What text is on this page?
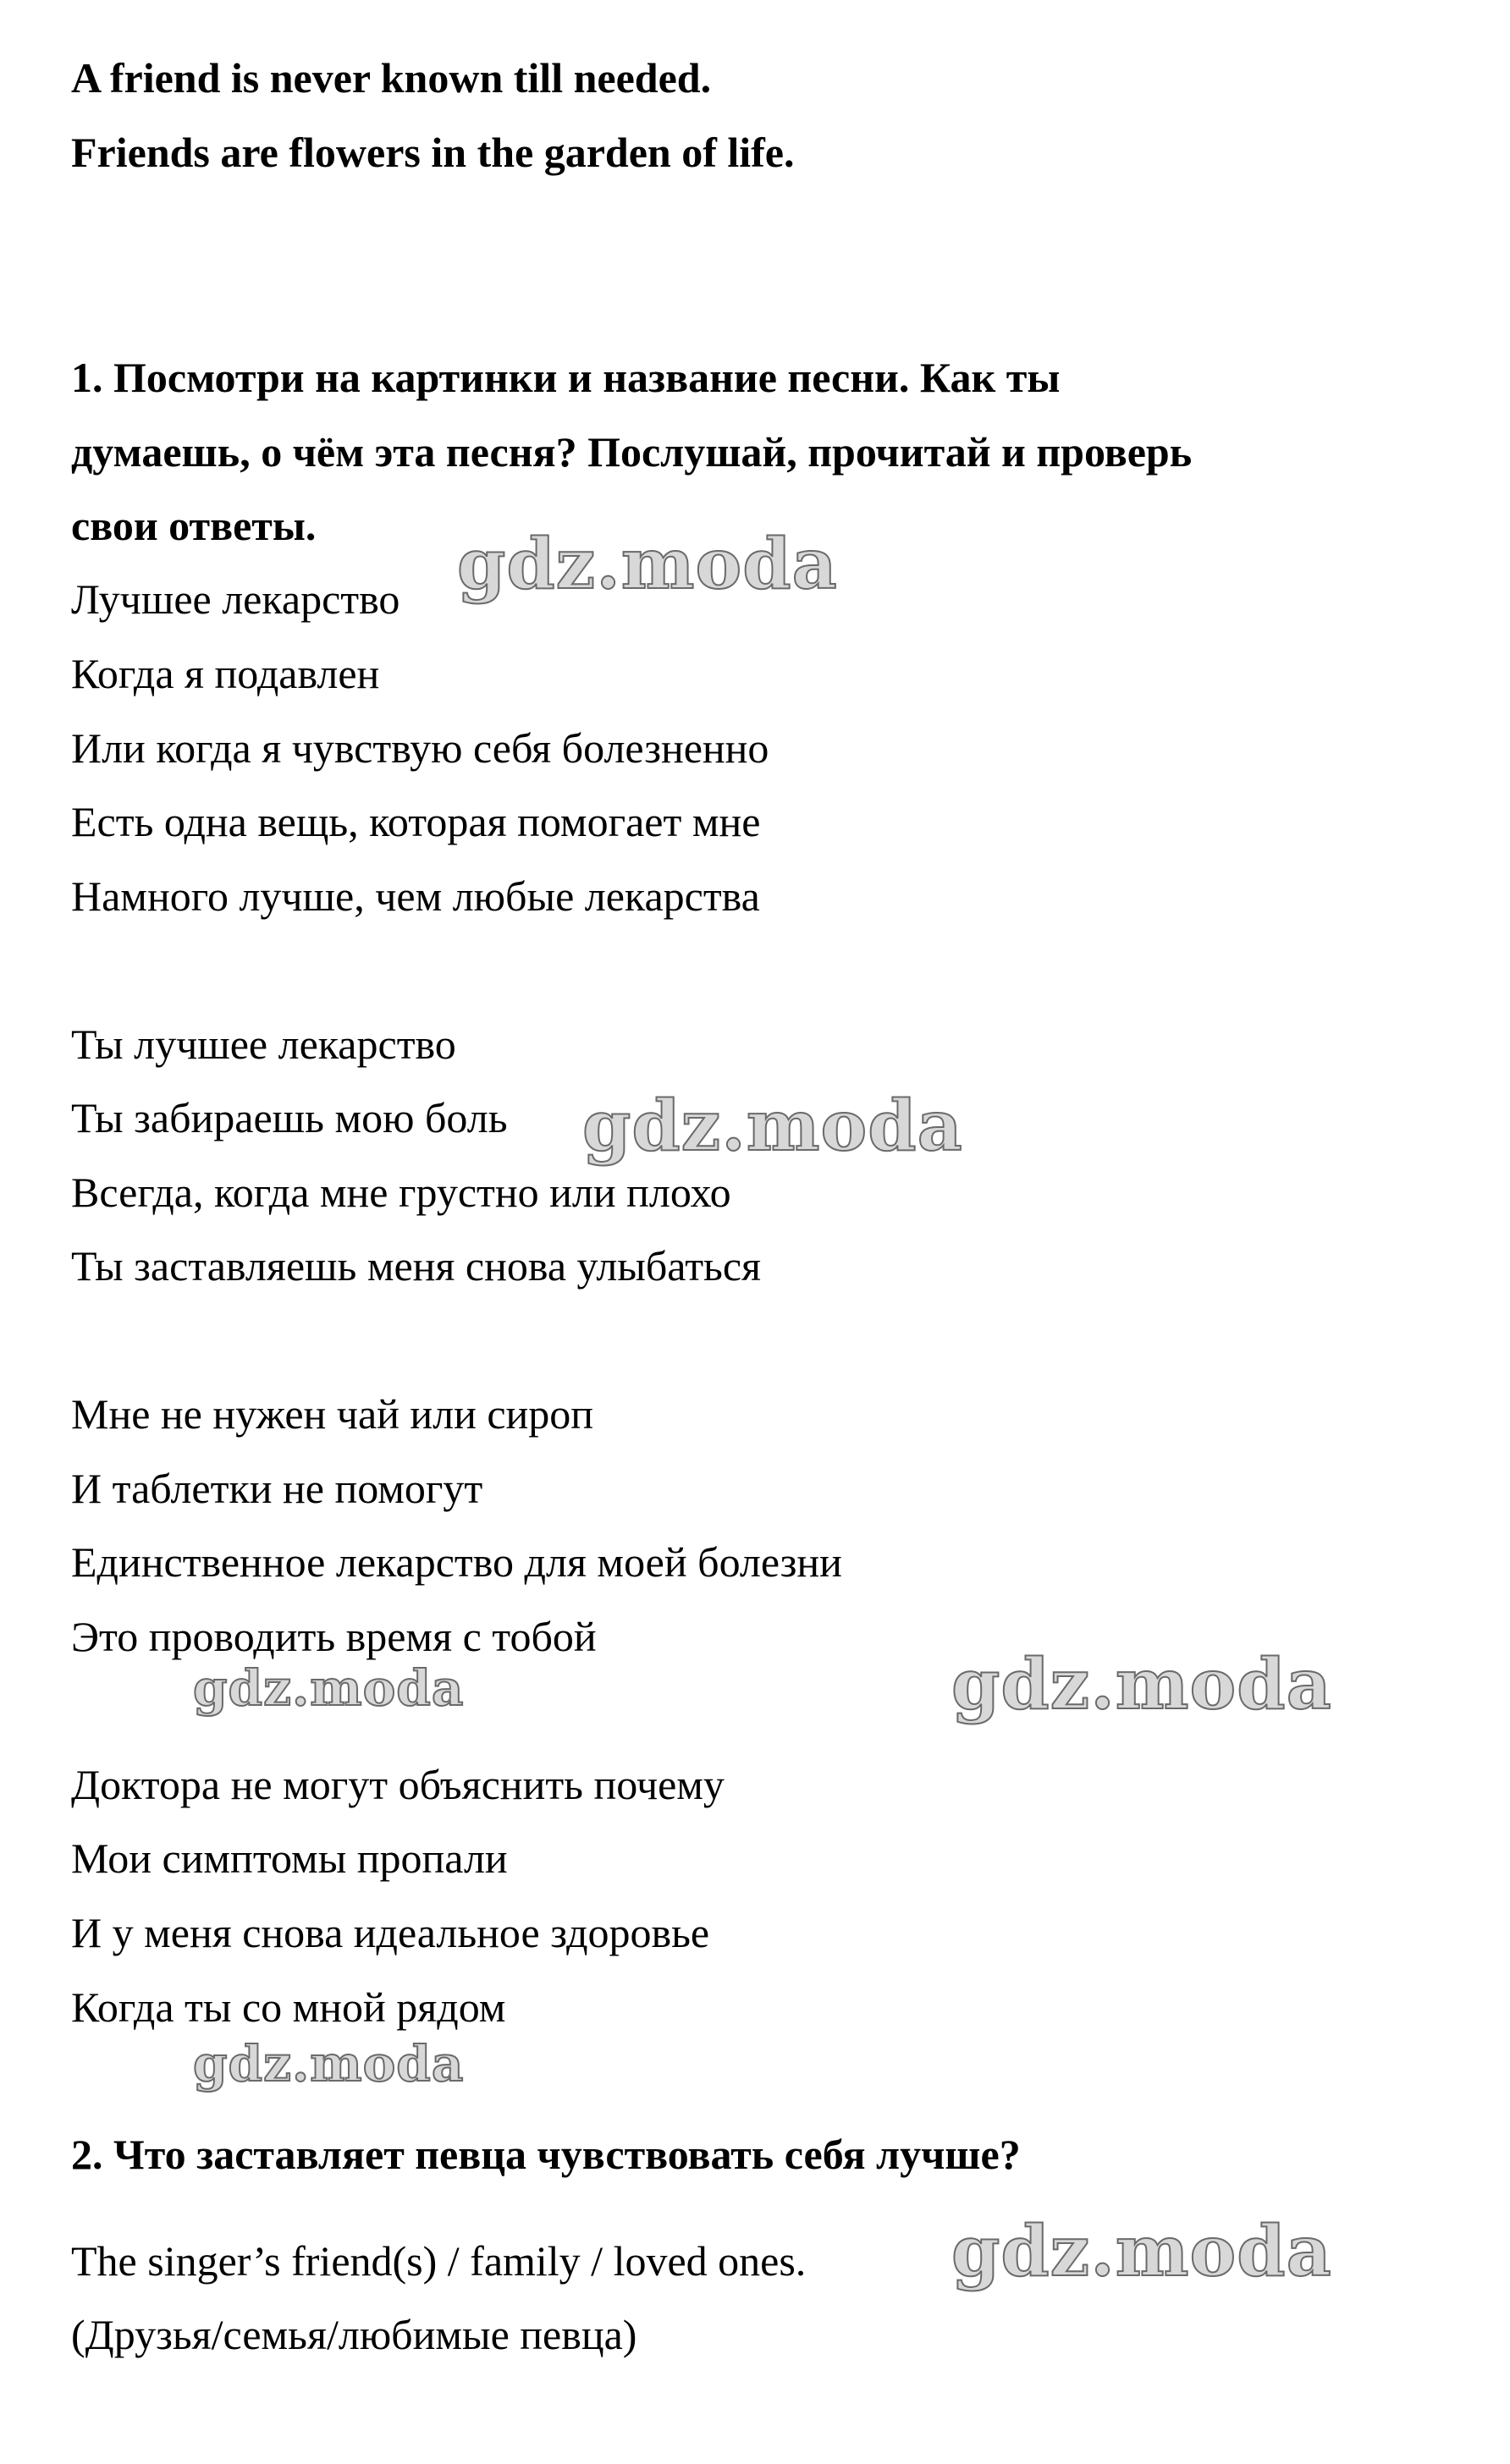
A friend is never known till needed.
Friends are flowers in the garden of life.
1. Посмотри на картинки и название песни. Как ты
думаешь, о чём эта песня? Послушай, прочитай и проверь
свои ответы.
Лучшее лекарство
Когда я подавлен
Или когда я чувствую себя болезненно
Есть одна вещь, которая помогает мне
Намного лучше, чем любые лекарства
Ты лучшее лекарство
Ты забираешь мою боль
Всегда, когда мне грустно или плохо
Ты заставляешь меня снова улыбаться
Мне не нужен чай или сироп
И таблетки не помогут
Единственное лекарство для моей болезни
Это проводить время с тобой
Доктора не могут объяснить почему
Мои симптомы пропали
И у меня снова идеальное здоровье
Когда ты со мной рядом
2. Что заставляет певца чувствовать себя лучше?
The singer’s friend(s) / family / loved ones.
(Друзья/семья/любимые певца)
gdz.moda
gdz.moda
gdz.moda	gdz.moda
gdz.moda
gdz.moda
